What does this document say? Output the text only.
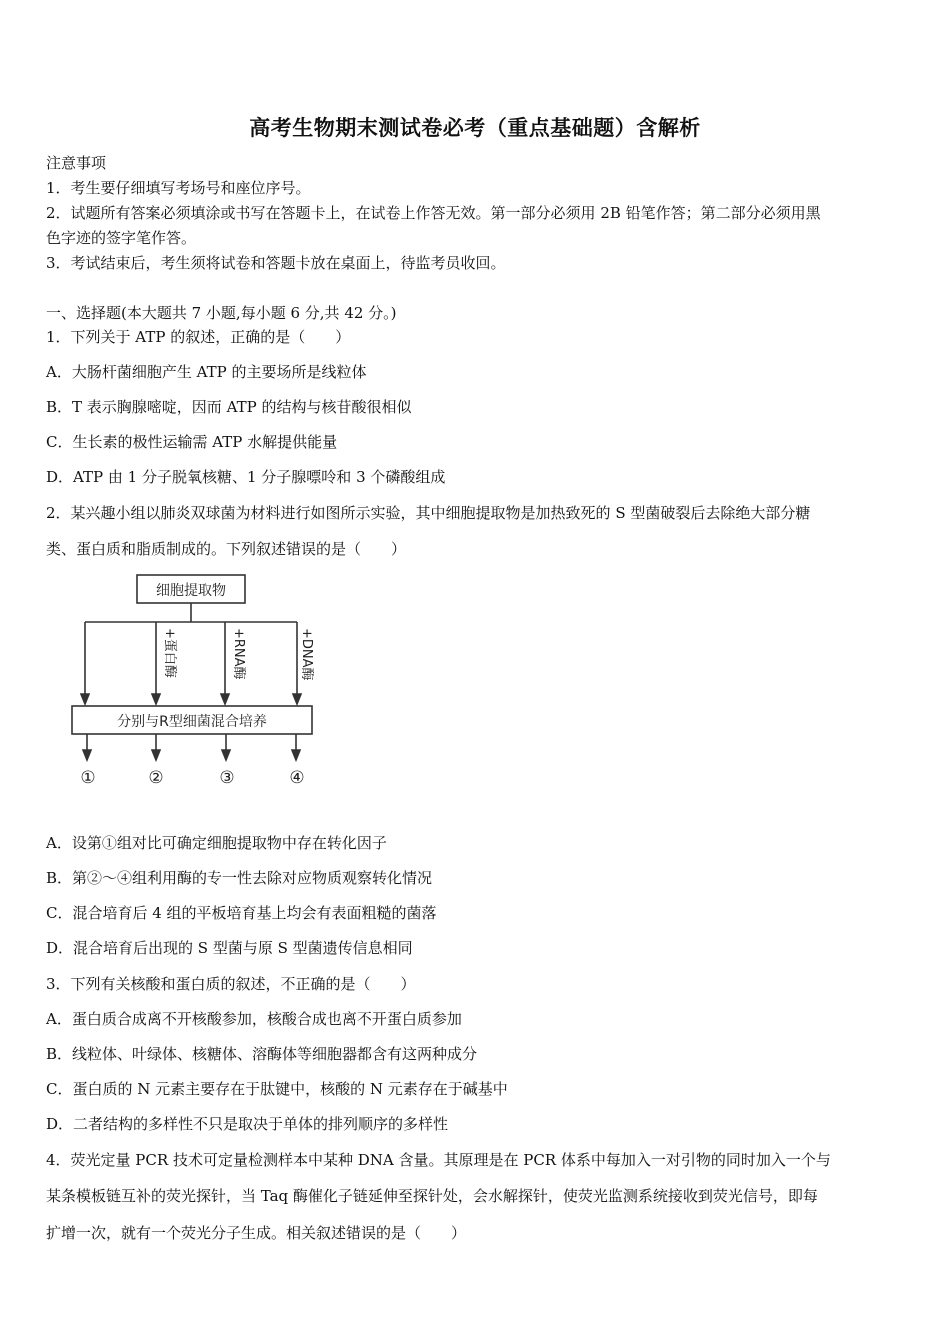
高考生物期末测试卷必考（重点基础题）含解析
注意事项
1．考生要仔细填写考场号和座位序号。
2．试题所有答案必须填涂或书写在答题卡上，在试卷上作答无效。第一部分必须用 2B 铅笔作答；第二部分必须用黑
色字迹的签字笔作答。
3．考试结束后，考生须将试卷和答题卡放在桌面上，待监考员收回。
一、选择题(本大题共 7 小题,每小题 6 分,共 42 分。)
1．下列关于 ATP 的叙述，正确的是（　　）
A．大肠杆菌细胞产生 ATP 的主要场所是线粒体
B．T 表示胸腺嘧啶，因而 ATP 的结构与核苷酸很相似
C．生长素的极性运输需 ATP 水解提供能量
D．ATP 由 1 分子脱氧核糖、1 分子腺嘌呤和 3 个磷酸组成
2．某兴趣小组以肺炎双球菌为材料进行如图所示实验，其中细胞提取物是加热致死的 S 型菌破裂后去除绝大部分糖
类、蛋白质和脂质制成的。下列叙述错误的是（　　）
细胞提取物
+蛋白酶	+RNA酶	+DNA酶
分别与R型细菌混合培养
①	②	③	④
A．设第①组对比可确定细胞提取物中存在转化因子
B．第②～④组利用酶的专一性去除对应物质观察转化情况
C．混合培育后 4 组的平板培育基上均会有表面粗糙的菌落
D．混合培育后出现的 S 型菌与原 S 型菌遗传信息相同
3．下列有关核酸和蛋白质的叙述，不正确的是（　　）
A．蛋白质合成离不开核酸参加，核酸合成也离不开蛋白质参加
B．线粒体、叶绿体、核糖体、溶酶体等细胞器都含有这两种成分
C．蛋白质的 N 元素主要存在于肽键中，核酸的 N 元素存在于碱基中
D．二者结构的多样性不只是取决于单体的排列顺序的多样性
4．荧光定量 PCR 技术可定量检测样本中某种 DNA 含量。其原理是在 PCR 体系中每加入一对引物的同时加入一个与
某条模板链互补的荧光探针，当 Taq 酶催化子链延伸至探针处，会水解探针，使荧光监测系统接收到荧光信号，即每
扩增一次，就有一个荧光分子生成。相关叙述错误的是（　　）
